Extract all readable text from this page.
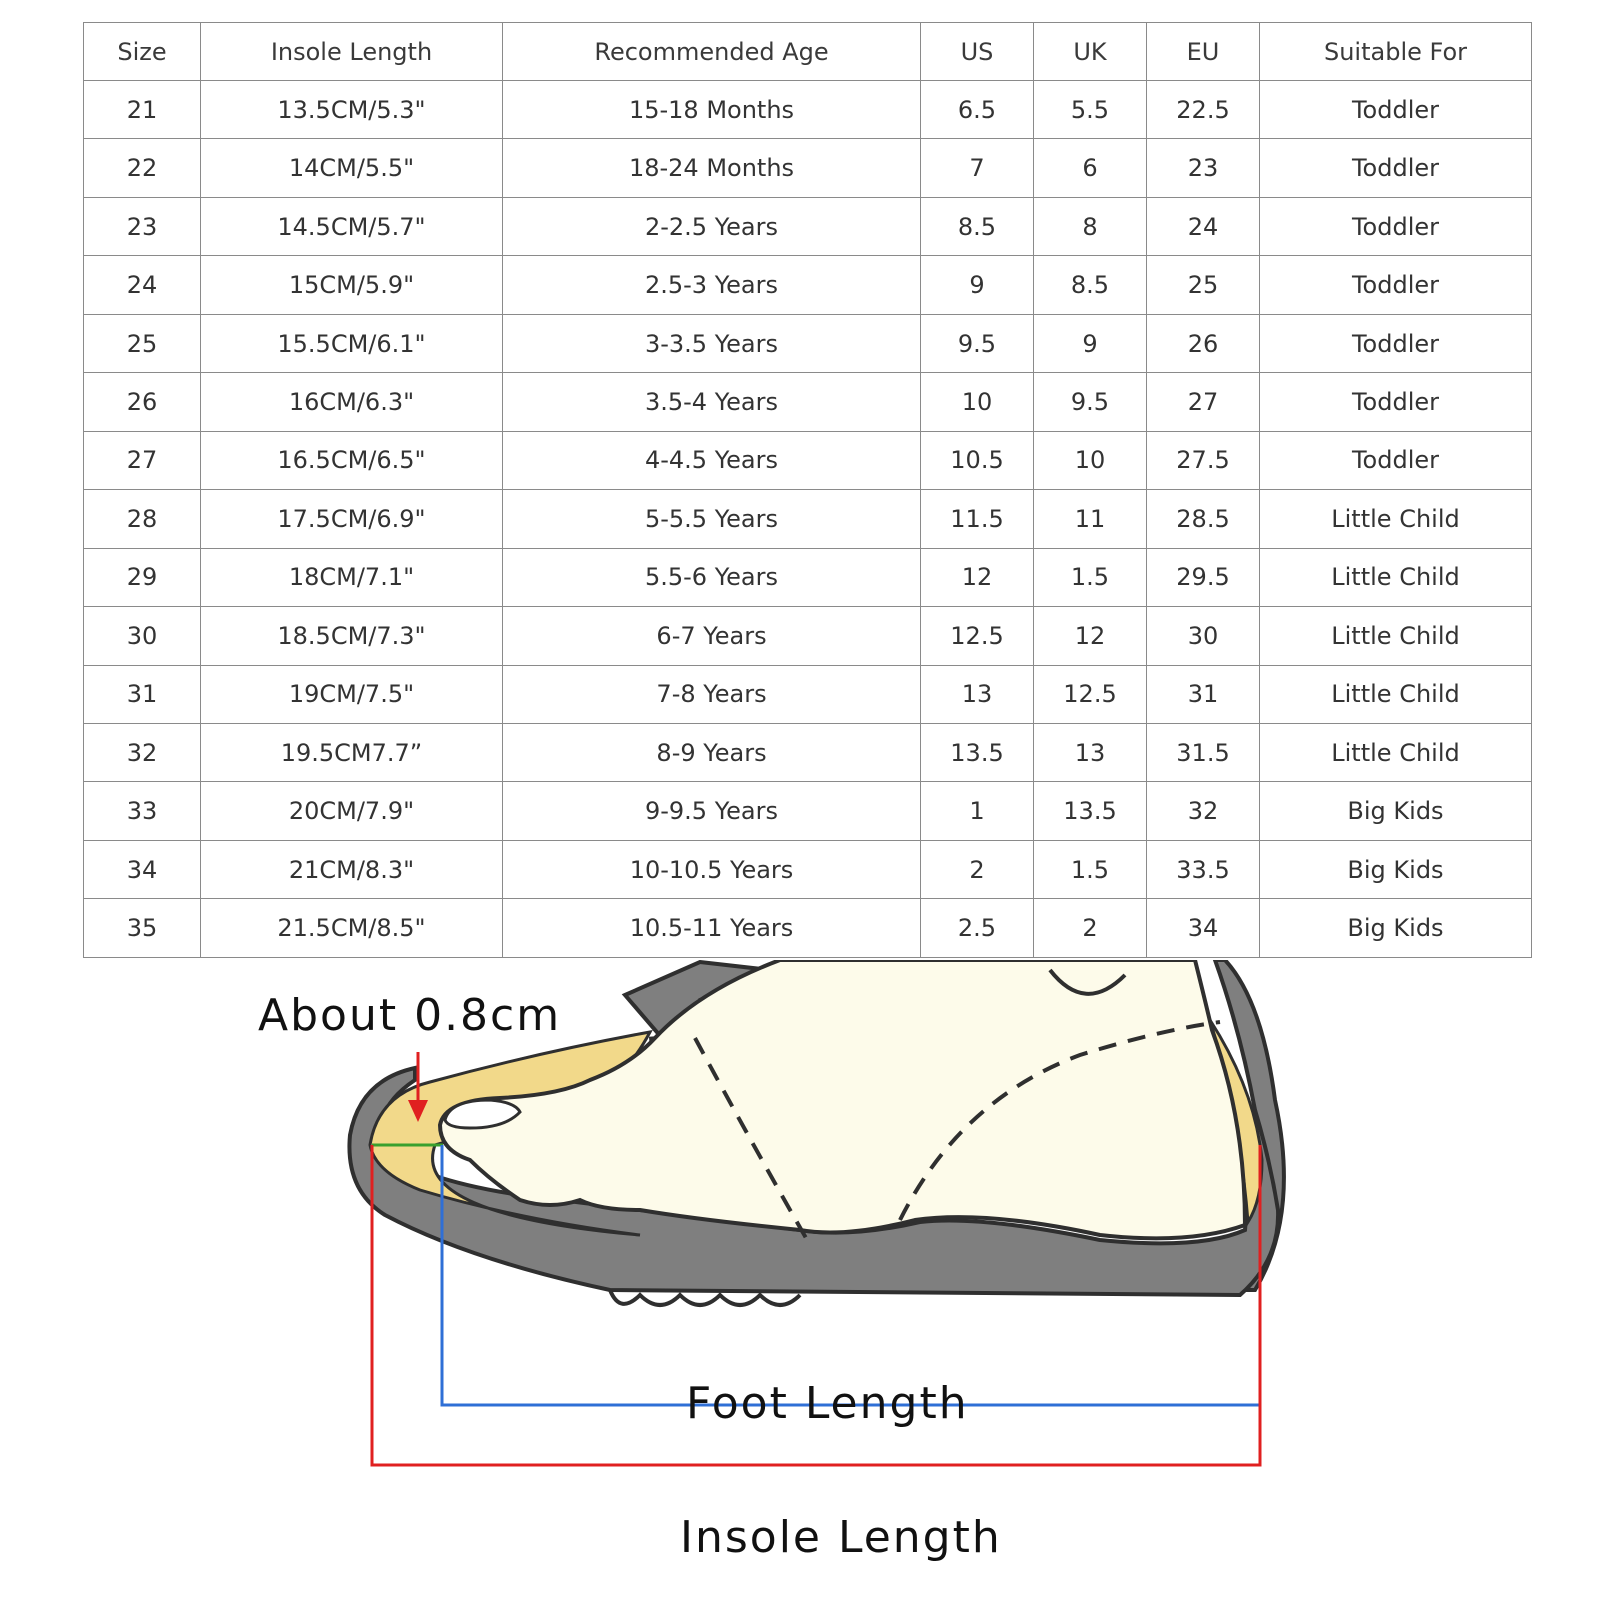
Size	Insole Length	Recommended Age	US	UK	EU	Suitable For
21	13.5CM/5.3"	15-18 Months	6.5	5.5	22.5	Toddler
22	14CM/5.5"	18-24 Months	7	6	23	Toddler
23	14.5CM/5.7"	2-2.5 Years	8.5	8	24	Toddler
24	15CM/5.9"	2.5-3 Years	9	8.5	25	Toddler
25	15.5CM/6.1"	3-3.5 Years	9.5	9	26	Toddler
26	16CM/6.3"	3.5-4 Years	10	9.5	27	Toddler
27	16.5CM/6.5"	4-4.5 Years	10.5	10	27.5	Toddler
28	17.5CM/6.9"	5-5.5 Years	11.5	11	28.5	Little Child
29	18CM/7.1"	5.5-6 Years	12	1.5	29.5	Little Child
30	18.5CM/7.3"	6-7 Years	12.5	12	30	Little Child
31	19CM/7.5"	7-8 Years	13	12.5	31	Little Child
32	19.5CM7.7”	8-9 Years	13.5	13	31.5	Little Child
33	20CM/7.9"	9-9.5 Years	1	13.5	32	Big Kids
34	21CM/8.3"	10-10.5 Years	2	1.5	33.5	Big Kids
35	21.5CM/8.5"	10.5-11 Years	2.5	2	34	Big Kids
About 0.8cm
Foot Length
Insole Length
